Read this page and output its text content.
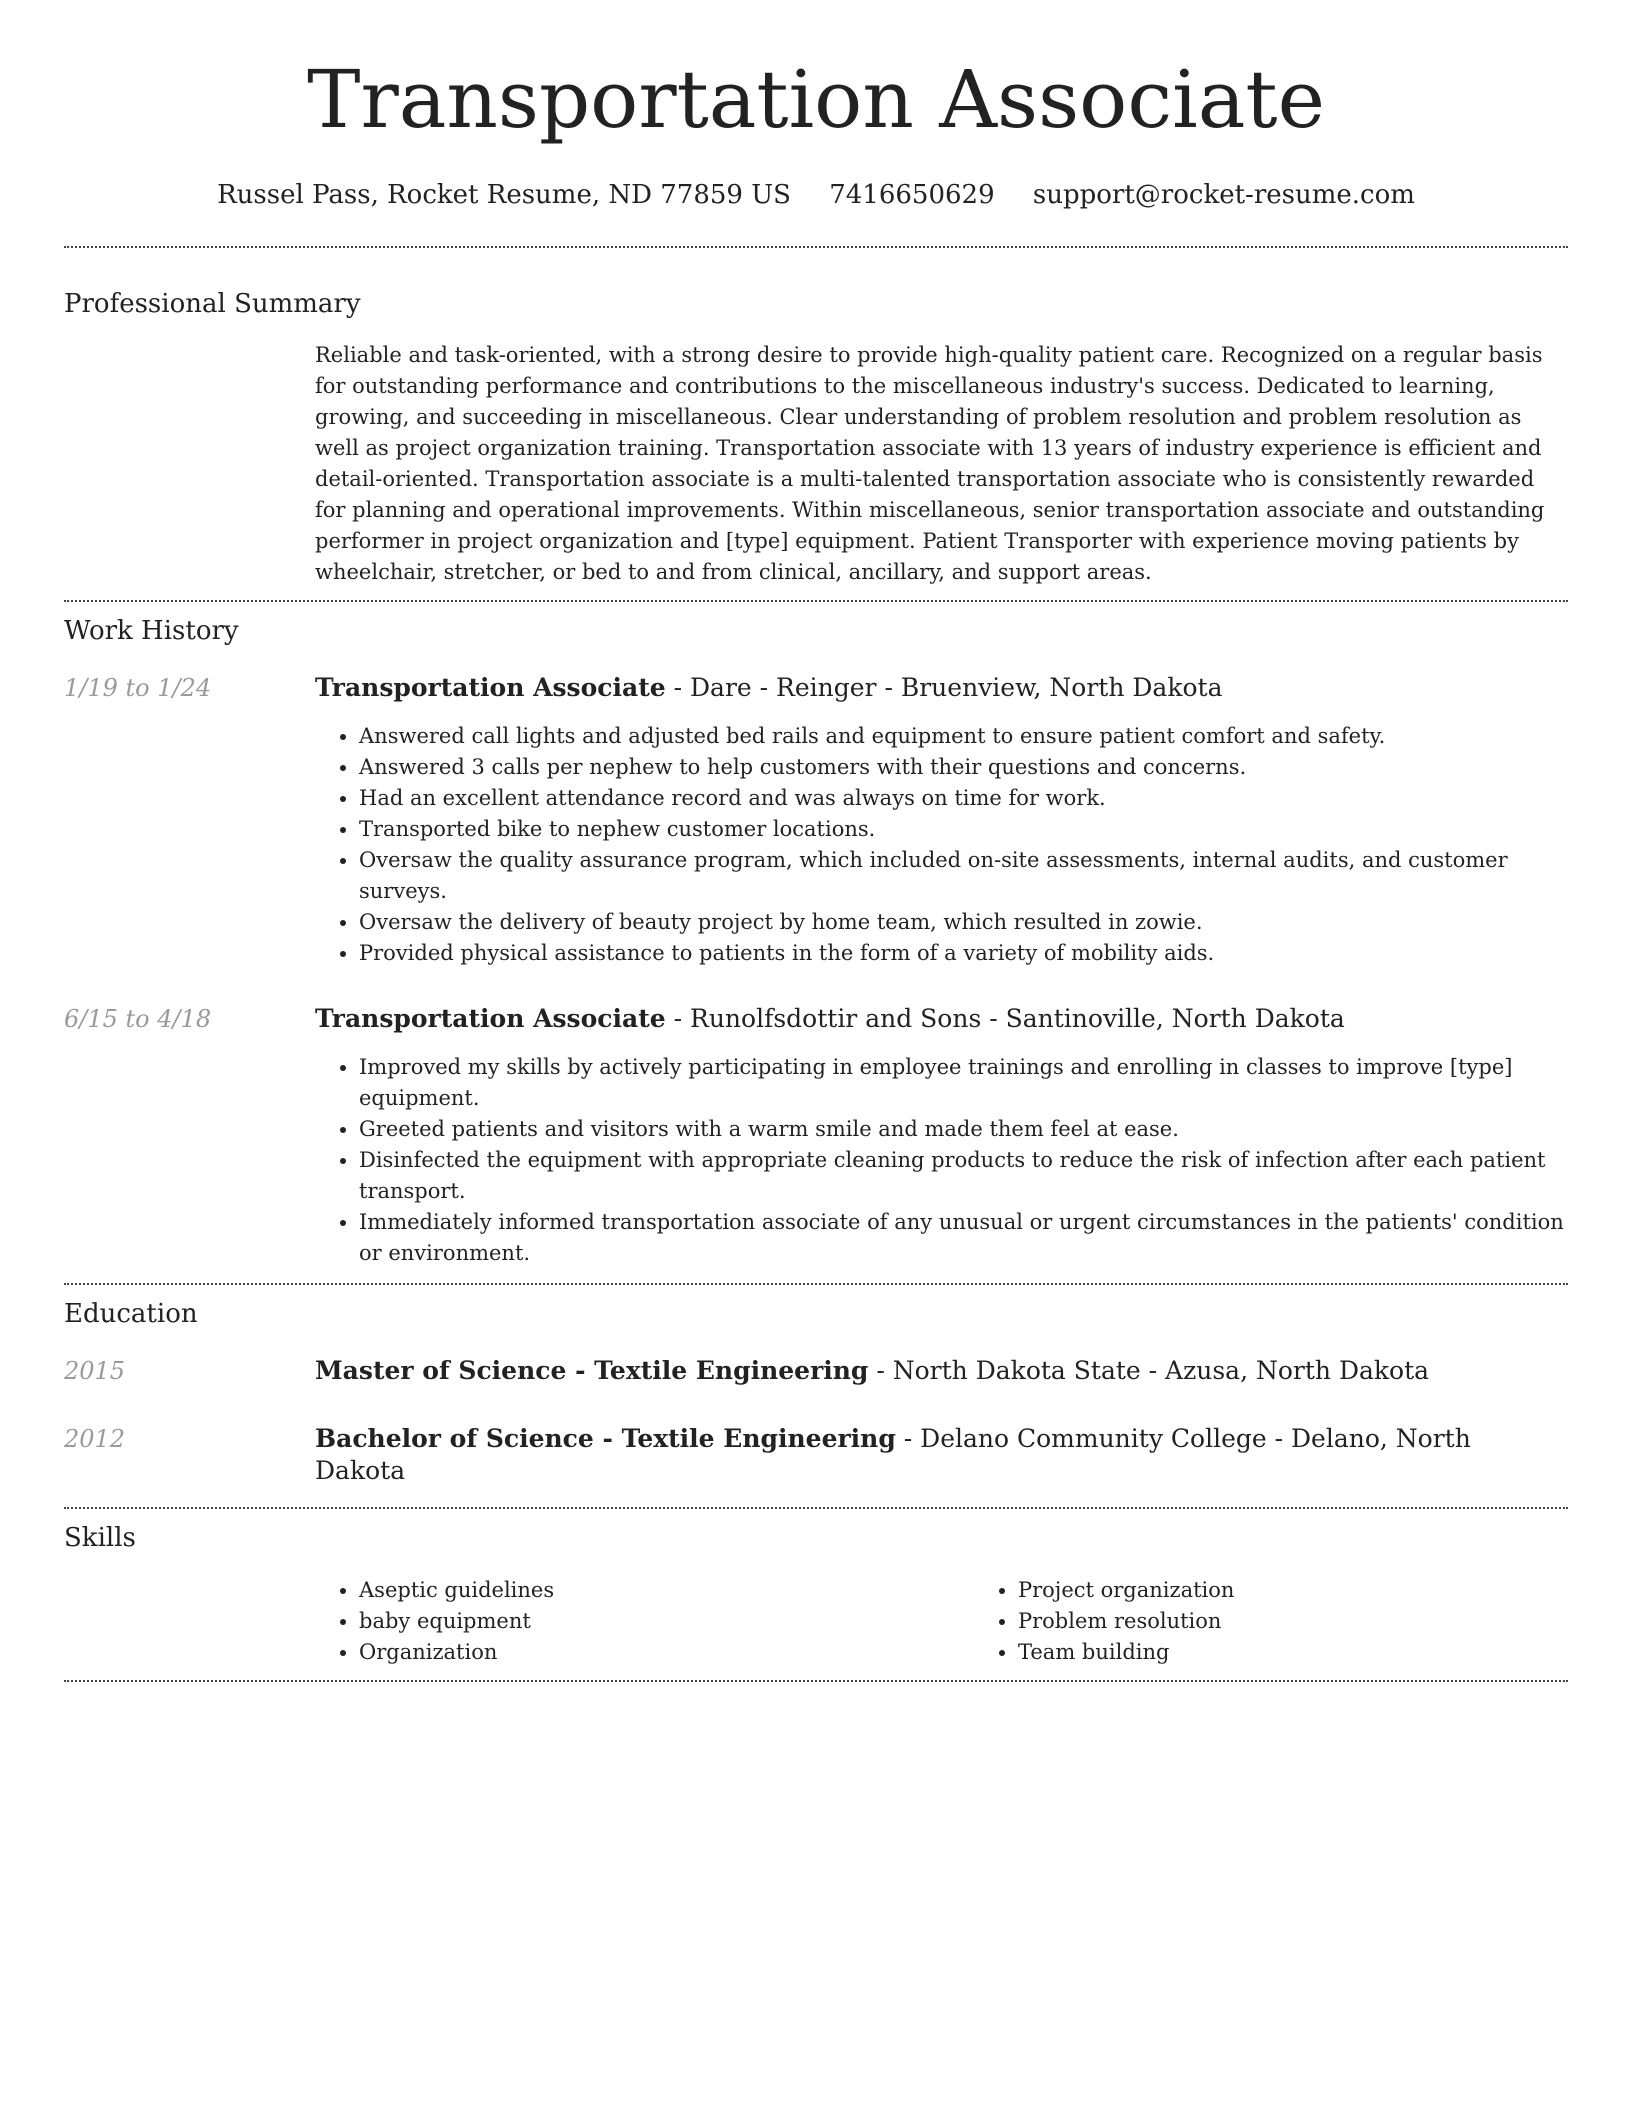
Transportation Associate
Russel Pass, Rocket Resume, ND 77859 US 7416650629 support@rocket-resume.com
Professional Summary

Reliable and task-oriented, with a strong desire to provide high-quality patient care. Recognized on a regular basis for outstanding performance and contributions to the miscellaneous industry's success. Dedicated to learning, growing, and succeeding in miscellaneous. Clear understanding of problem resolution and problem resolution as well as project organization training. Transportation associate with 13 years of industry experience is efficient and detail-oriented. Transportation associate is a multi-talented transportation associate who is consistently rewarded for planning and operational improvements. Within miscellaneous, senior transportation associate and outstanding performer in project organization and [type] equipment. Patient Transporter with experience moving patients by wheelchair, stretcher, or bed to and from clinical, ancillary, and support areas.

Work History
1/19 to 1/24	Transportation Associate - Dare - Reinger - Bruenview, North Dakota

• Answered call lights and adjusted bed rails and equipment to ensure patient comfort and safety.
• Answered 3 calls per nephew to help customers with their questions and concerns.
• Had an excellent attendance record and was always on time for work.
• Transported bike to nephew customer locations.
• Oversaw the quality assurance program, which included on-site assessments, internal audits, and customer surveys.
• Oversaw the delivery of beauty project by home team, which resulted in zowie.
• Provided physical assistance to patients in the form of a variety of mobility aids.
6/15 to 4/18	Transportation Associate - Runolfsdottir and Sons - Santinoville, North Dakota

• Improved my skills by actively participating in employee trainings and enrolling in classes to improve [type] equipment.
• Greeted patients and visitors with a warm smile and made them feel at ease.
• Disinfected the equipment with appropriate cleaning products to reduce the risk of infection after each patient transport.
• Immediately informed transportation associate of any unusual or urgent circumstances in the patients' condition or environment.
Education
2015	Master of Science - Textile Engineering - North Dakota State - Azusa, North Dakota

2012	Bachelor of Science - Textile Engineering - Delano Community College - Delano, North Dakota

Skills
• Aseptic guidelines
• baby equipment
• Organization
• Project organization
• Problem resolution
• Team building
